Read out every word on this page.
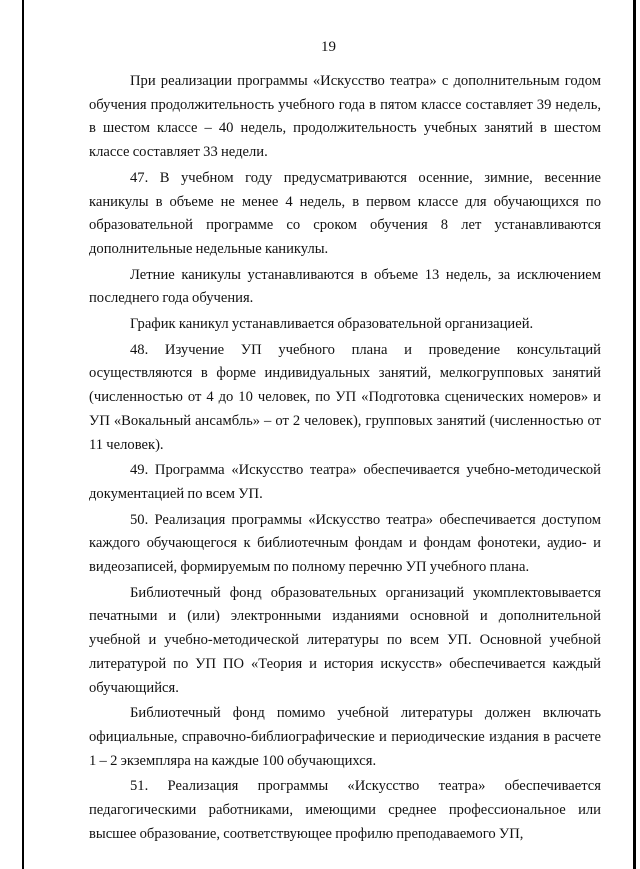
19

При реализации программы «Искусство театра» с дополнительным годом обучения продолжительность учебного года в пятом классе составляет 39 недель, в шестом классе – 40 недель, продолжительность учебных занятий в шестом классе составляет 33 недели.

47. В учебном году предусматриваются осенние, зимние, весенние каникулы в объеме не менее 4 недель, в первом классе для обучающихся по образовательной программе со сроком обучения 8 лет устанавливаются дополнительные недельные каникулы.

Летние каникулы устанавливаются в объеме 13 недель, за исключением последнего года обучения.

График каникул устанавливается образовательной организацией.

48. Изучение УП учебного плана и проведение консультаций осуществляются в форме индивидуальных занятий, мелкогрупповых занятий (численностью от 4 до 10 человек, по УП «Подготовка сценических номеров» и УП «Вокальный ансамбль» – от 2 человек), групповых занятий (численностью от 11 человек).

49. Программа «Искусство театра» обеспечивается учебно-методической документацией по всем УП.

50. Реализация программы «Искусство театра» обеспечивается доступом каждого обучающегося к библиотечным фондам и фондам фонотеки, аудио- и видеозаписей, формируемым по полному перечню УП учебного плана.

Библиотечный фонд образовательных организаций укомплектовывается печатными и (или) электронными изданиями основной и дополнительной учебной и учебно-методической литературы по всем УП. Основной учебной литературой по УП ПО «Теория и история искусств» обеспечивается каждый обучающийся.

Библиотечный фонд помимо учебной литературы должен включать официальные, справочно-библиографические и периодические издания в расчете 1 – 2 экземпляра на каждые 100 обучающихся.

51. Реализация программы «Искусство театра» обеспечивается педагогическими работниками, имеющими среднее профессиональное или высшее образование, соответствующее профилю преподаваемого УП,
